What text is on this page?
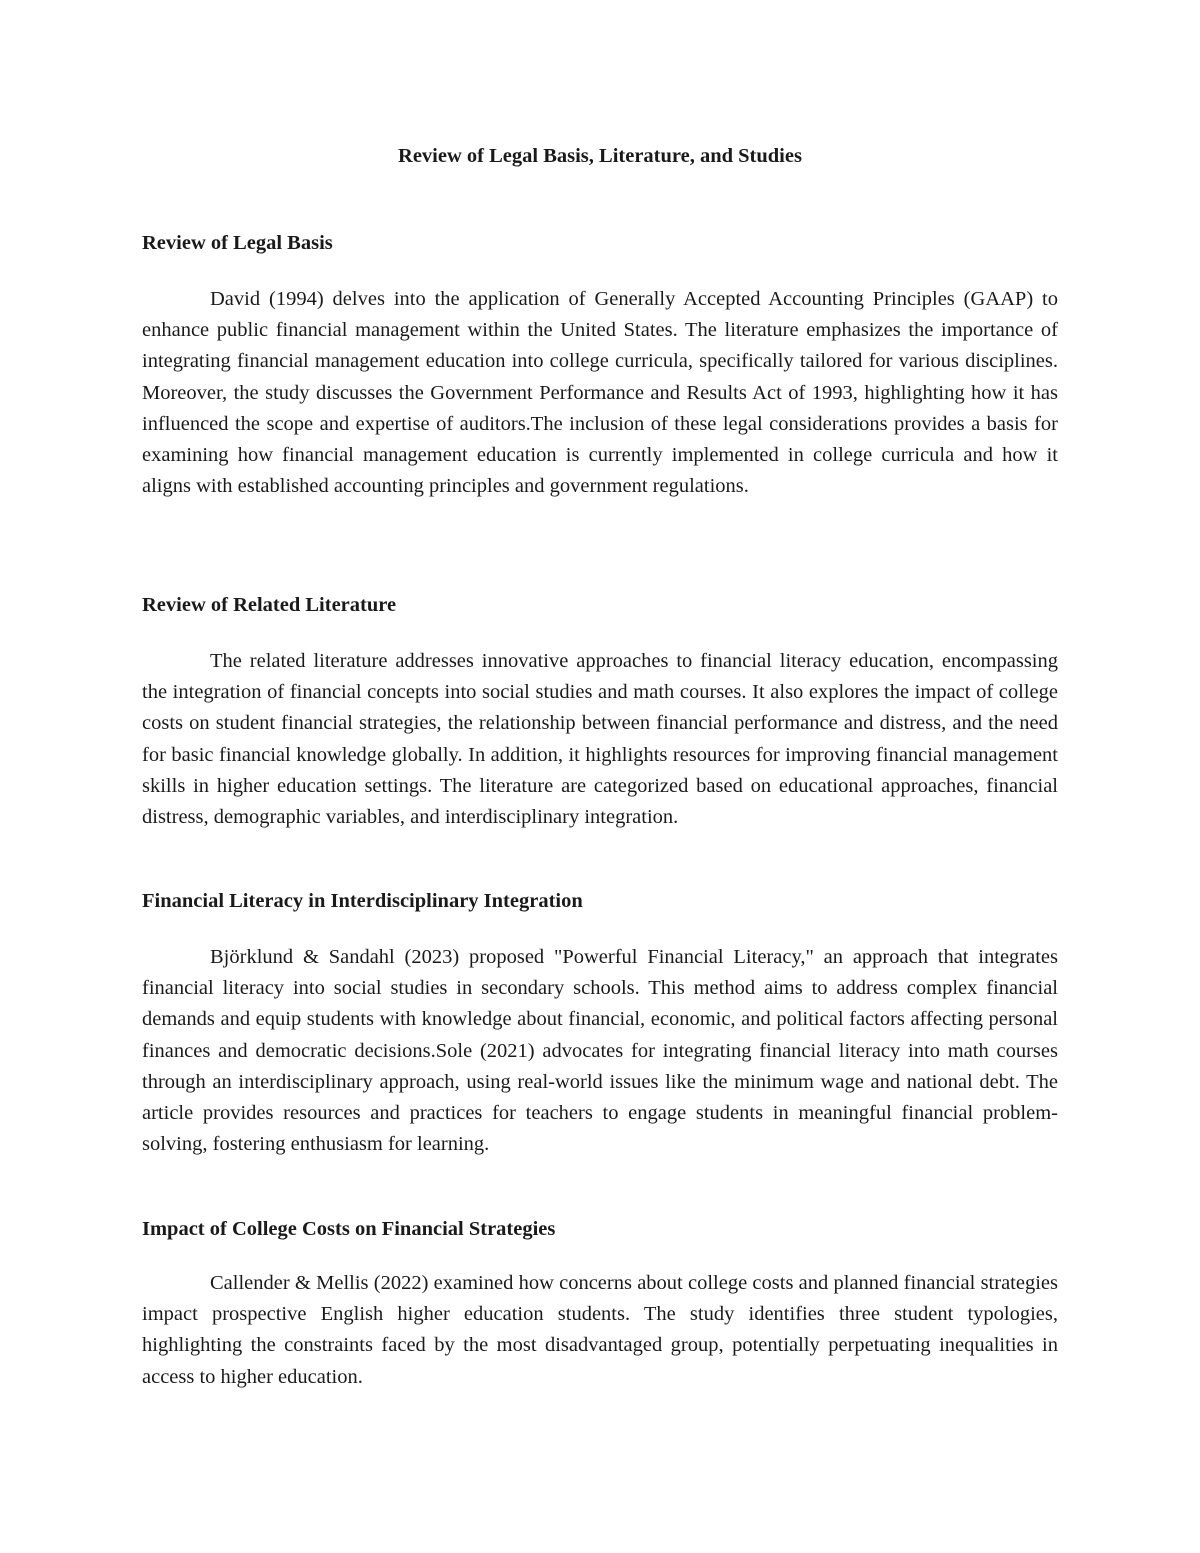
Review of Legal Basis, Literature, and Studies
Review of Legal Basis

David (1994) delves into the application of Generally Accepted Accounting Principles (GAAP) to enhance public financial management within the United States. The literature emphasizes the importance of integrating financial management education into college curricula, specifically tailored for various disciplines. Moreover, the study discusses the Government Performance and Results Act of 1993, highlighting how it has influenced the scope and expertise of auditors.The inclusion of these legal considerations provides a basis for examining how financial management education is currently implemented in college curricula and how it aligns with established accounting principles and government regulations.

Review of Related Literature

The related literature addresses innovative approaches to financial literacy education, encompassing the integration of financial concepts into social studies and math courses. It also explores the impact of college costs on student financial strategies, the relationship between financial performance and distress, and the need for basic financial knowledge globally. In addition, it highlights resources for improving financial management skills in higher education settings. The literature are categorized based on educational approaches, financial distress, demographic variables, and interdisciplinary integration.

Financial Literacy in Interdisciplinary Integration

Björklund & Sandahl (2023) proposed "Powerful Financial Literacy," an approach that integrates financial literacy into social studies in secondary schools. This method aims to address complex financial demands and equip students with knowledge about financial, economic, and political factors affecting personal finances and democratic decisions.Sole (2021) advocates for integrating financial literacy into math courses through an interdisciplinary approach, using real-world issues like the minimum wage and national debt. The article provides resources and practices for teachers to engage students in meaningful financial problem-solving, fostering enthusiasm for learning.

Impact of College Costs on Financial Strategies

Callender & Mellis (2022) examined how concerns about college costs and planned financial strategies impact prospective English higher education students. The study identifies three student typologies, highlighting the constraints faced by the most disadvantaged group, potentially perpetuating inequalities in access to higher education.
